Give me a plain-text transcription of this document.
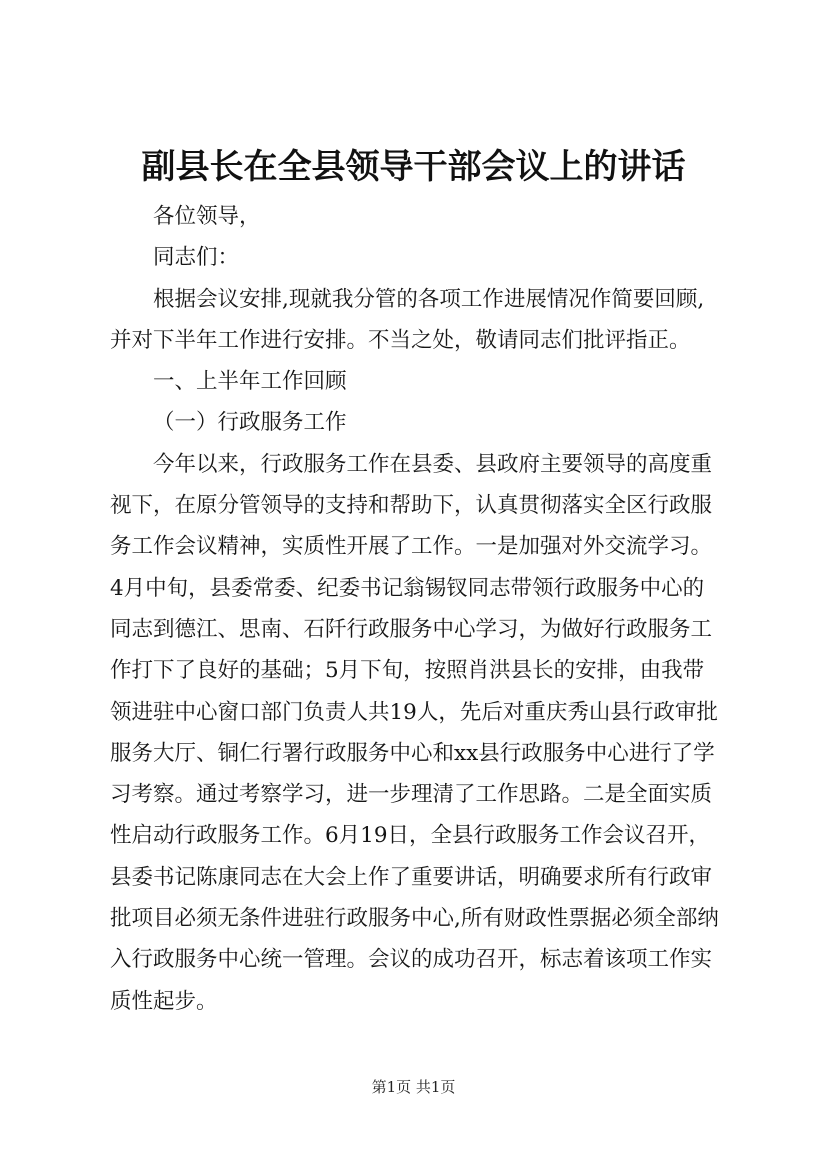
副县长在全县领导干部会议上的讲话

各位领导，

同志们：

根据会议安排,现就我分管的各项工作进展情况作简要回顾,并对下半年工作进行安排。不当之处，敬请同志们批评指正。

一、上半年工作回顾

（一）行政服务工作

今年以来，行政服务工作在县委、县政府主要领导的高度重视下，在原分管领导的支持和帮助下，认真贯彻落实全区行政服务工作会议精神，实质性开展了工作。一是加强对外交流学习。4月中旬，县委常委、纪委书记翁锡钗同志带领行政服务中心的同志到德江、思南、石阡行政服务中心学习，为做好行政服务工作打下了良好的基础；5月下旬，按照肖洪县长的安排，由我带领进驻中心窗口部门负责人共19人，先后对重庆秀山县行政审批服务大厅、铜仁行署行政服务中心和xx县行政服务中心进行了学习考察。通过考察学习，进一步理清了工作思路。二是全面实质性启动行政服务工作。6月19日，全县行政服务工作会议召开，县委书记陈康同志在大会上作了重要讲话，明确要求所有行政审批项目必须无条件进驻行政服务中心,所有财政性票据必须全部纳入行政服务中心统一管理。会议的成功召开，标志着该项工作实质性起步。

第1页 共1页
